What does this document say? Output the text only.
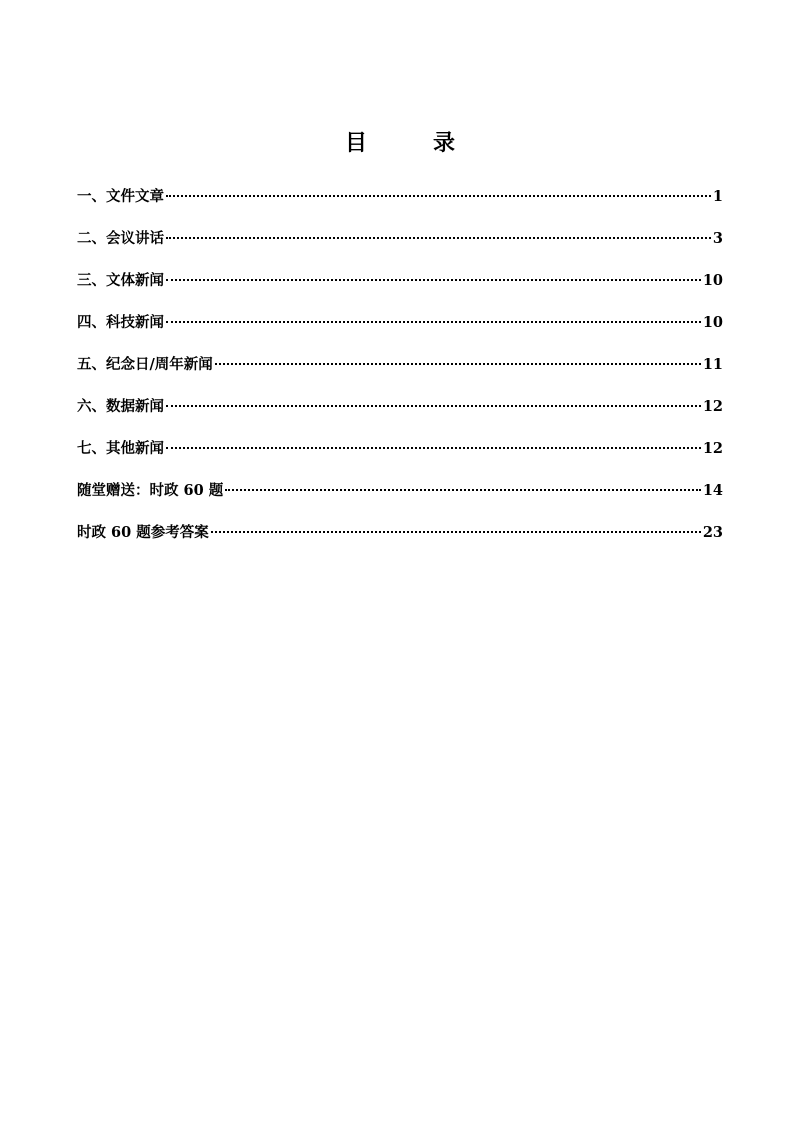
目　录
一、文件文章	1
二、会议讲话	3
三、文体新闻	10
四、科技新闻	10
五、纪念日/周年新闻	11
六、数据新闻	12
七、其他新闻	12
随堂赠送：时政 60 题	14
时政 60 题参考答案	23
